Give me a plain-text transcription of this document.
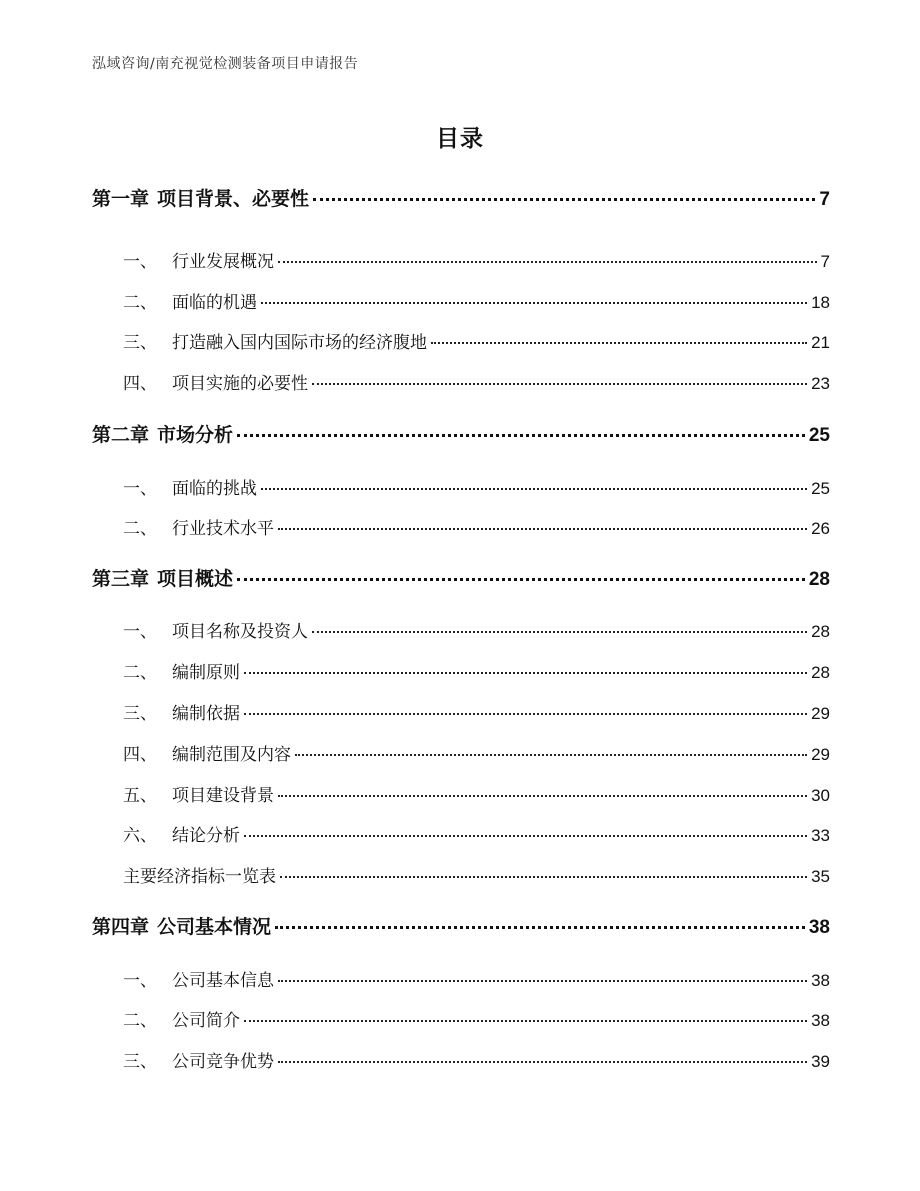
泓域咨询/南充视觉检测装备项目申请报告
目录
第一章 项目背景、必要性	7
一、 行业发展概况	7
二、 面临的机遇	18
三、 打造融入国内国际市场的经济腹地	21
四、 项目实施的必要性	23
第二章 市场分析	25
一、 面临的挑战	25
二、 行业技术水平	26
第三章 项目概述	28
一、 项目名称及投资人	28
二、 编制原则	28
三、 编制依据	29
四、 编制范围及内容	29
五、 项目建设背景	30
六、 结论分析	33
主要经济指标一览表	35
第四章 公司基本情况	38
一、 公司基本信息	38
二、 公司简介	38
三、 公司竞争优势	39
